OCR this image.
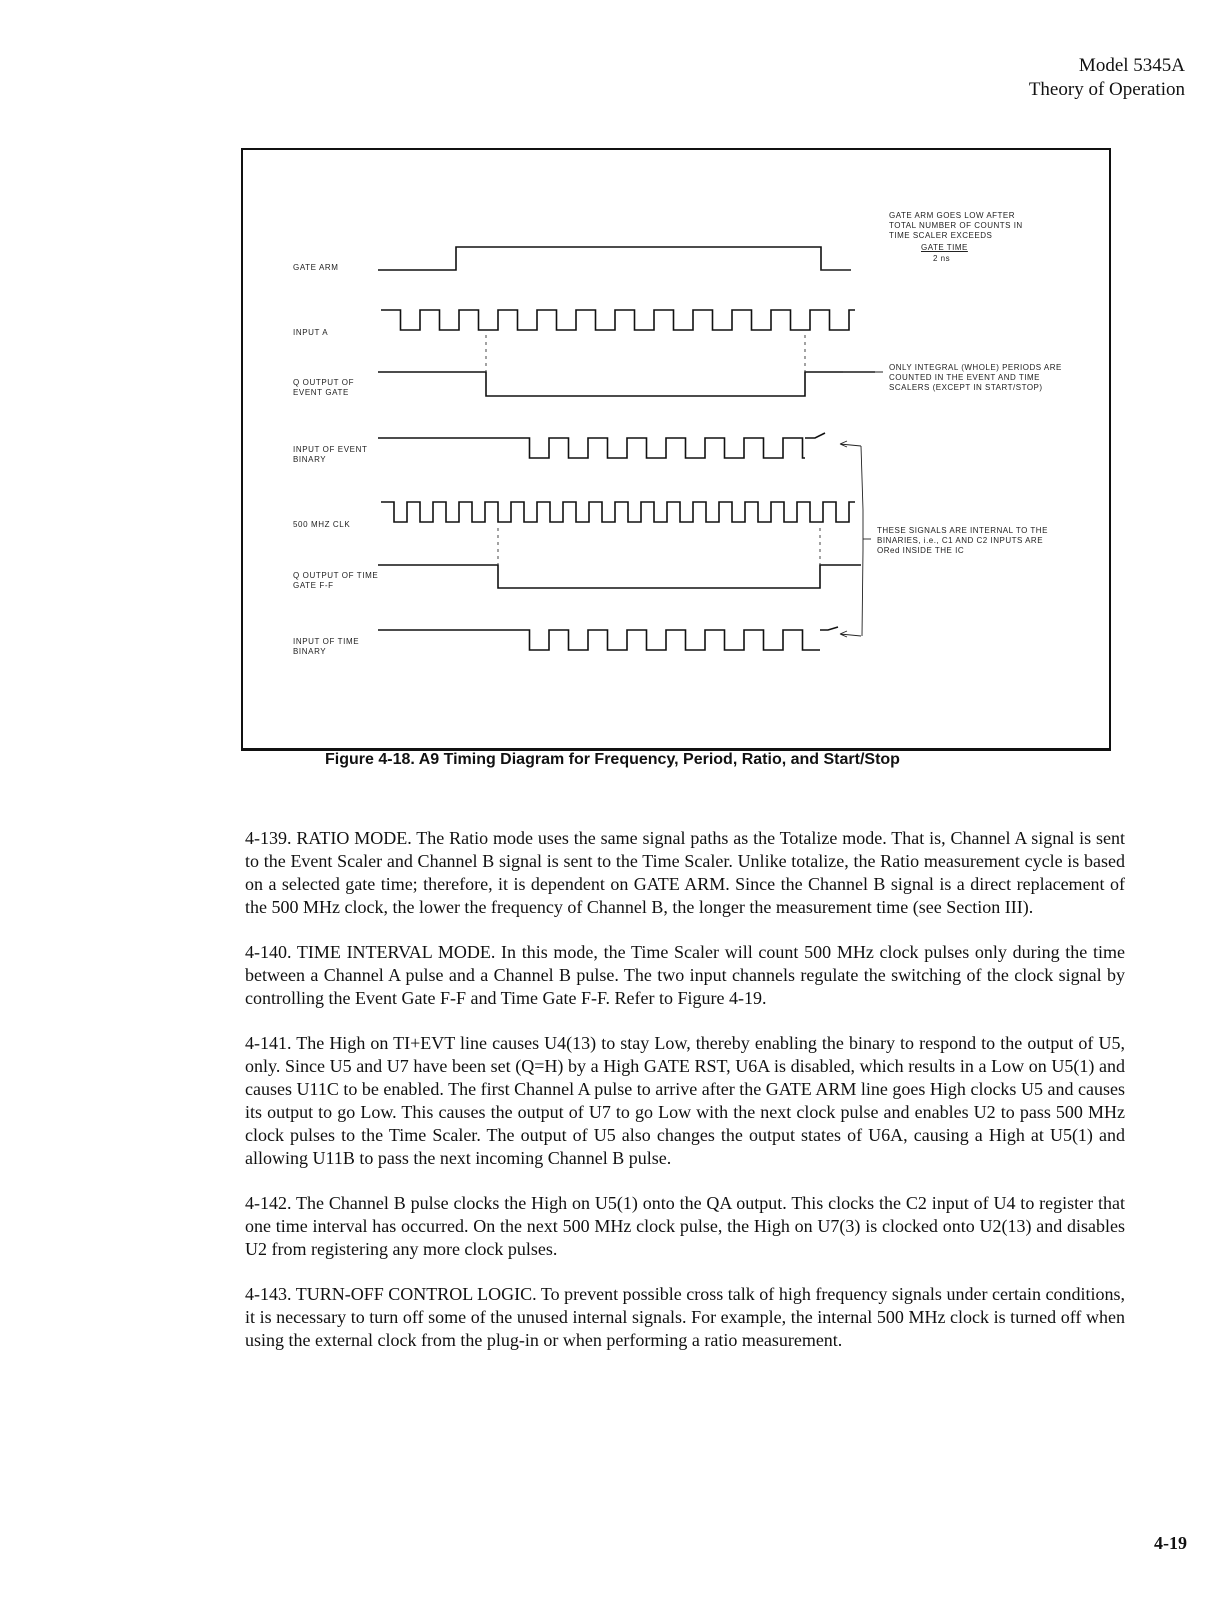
Model 5345A
Theory of Operation
GATE ARM
INPUT A
Q OUTPUT OF EVENT GATE
INPUT OF EVENT BINARY
500 MHZ CLK
Q OUTPUT OF TIME GATE F-F
INPUT OF TIME BINARY
GATE ARM GOES LOW AFTER TOTAL NUMBER OF COUNTS IN TIME SCALER EXCEEDS
GATE TIME
2 ns
ONLY INTEGRAL (WHOLE) PERIODS ARE COUNTED IN THE EVENT AND TIME SCALERS (EXCEPT IN START/STOP)
THESE SIGNALS ARE INTERNAL TO THE BINARIES, i.e., C1 AND C2 INPUTS ARE ORed INSIDE THE IC
Figure 4-18. A9 Timing Diagram for Frequency, Period, Ratio, and Start/Stop

4-139. RATIO MODE. The Ratio mode uses the same signal paths as the Totalize mode. That is, Channel A signal is sent to the Event Scaler and Channel B signal is sent to the Time Scaler. Unlike totalize, the Ratio measurement cycle is based on a selected gate time; therefore, it is dependent on GATE ARM. Since the Channel B signal is a direct replacement of the 500 MHz clock, the lower the frequency of Channel B, the longer the measurement time (see Section III).

4-140. TIME INTERVAL MODE. In this mode, the Time Scaler will count 500 MHz clock pulses only during the time between a Channel A pulse and a Channel B pulse. The two input channels regulate the switching of the clock signal by controlling the Event Gate F-F and Time Gate F-F. Refer to Figure 4-19.

4-141. The High on TI+EVT line causes U4(13) to stay Low, thereby enabling the binary to respond to the output of U5, only. Since U5 and U7 have been set (Q=H) by a High GATE RST, U6A is disabled, which results in a Low on U5(1) and causes U11C to be enabled. The first Channel A pulse to arrive after the GATE ARM line goes High clocks U5 and causes its output to go Low. This causes the output of U7 to go Low with the next clock pulse and enables U2 to pass 500 MHz clock pulses to the Time Scaler. The output of U5 also changes the output states of U6A, causing a High at U5(1) and allowing U11B to pass the next incoming Channel B pulse.

4-142. The Channel B pulse clocks the High on U5(1) onto the QA output. This clocks the C2 input of U4 to register that one time interval has occurred. On the next 500 MHz clock pulse, the High on U7(3) is clocked onto U2(13) and disables U2 from registering any more clock pulses.

4-143. TURN-OFF CONTROL LOGIC. To prevent possible cross talk of high frequency signals under certain conditions, it is necessary to turn off some of the unused internal signals. For example, the internal 500 MHz clock is turned off when using the external clock from the plug-in or when performing a ratio measurement.

4-19
